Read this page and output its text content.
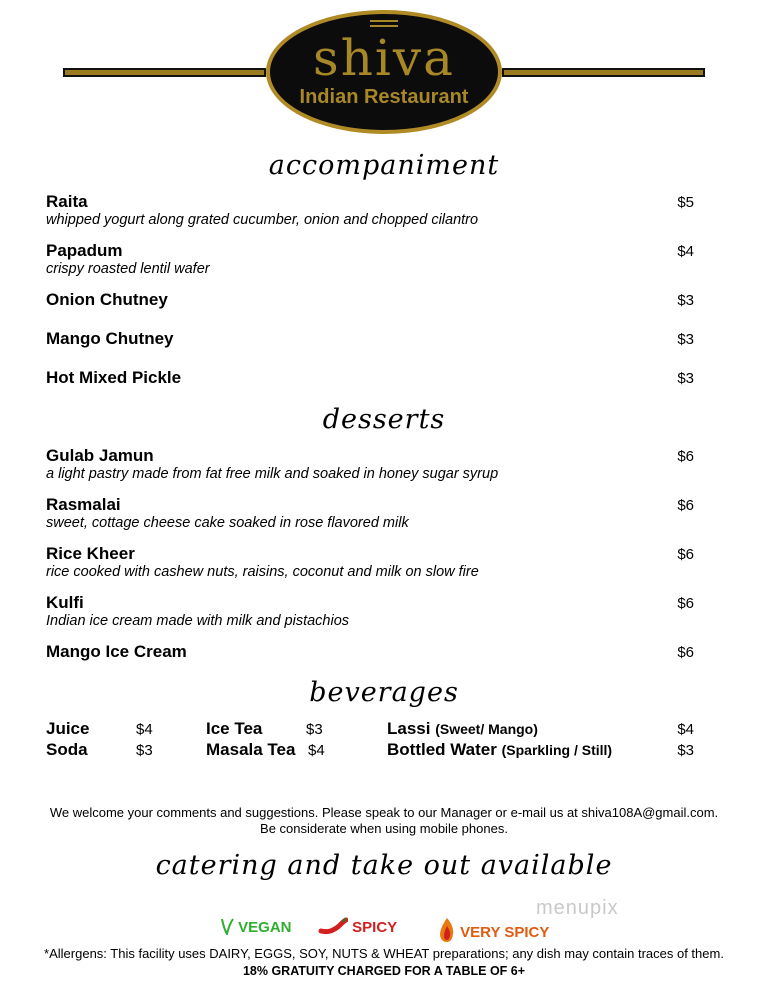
shiva
Indian Restaurant
accompaniment
Raita
whipped yogurt along grated cucumber, onion and chopped cilantro
$5
Papadum
crispy roasted lentil wafer
$4
Onion Chutney	$3
Mango Chutney	$3
Hot Mixed Pickle	$3
desserts
Gulab Jamun
a light pastry made from fat free milk and soaked in honey sugar syrup
$6
Rasmalai
sweet, cottage cheese cake soaked in rose flavored milk
$6
Rice Kheer
rice cooked with cashew nuts, raisins, coconut and milk on slow fire
$6
Kulfi
Indian ice cream made with milk and pistachios
$6
Mango Ice Cream	$6
beverages
Juice	$4
Soda	$3
Ice Tea	$3
Masala Tea $4
Lassi (Sweet/ Mango)	$4
Bottled Water (Sparkling / Still)	$3
We welcome your comments and suggestions. Please speak to our Manager or e-mail us at shiva108A@gmail.com.
Be considerate when using mobile phones.
catering and take out available
VEGAN	SPICY	VERY SPICY
*Allergens: This facility uses DAIRY, EGGS, SOY, NUTS & WHEAT preparations; any dish may contain traces of them.
18% GRATUITY CHARGED FOR A TABLE OF 6+
menupix
